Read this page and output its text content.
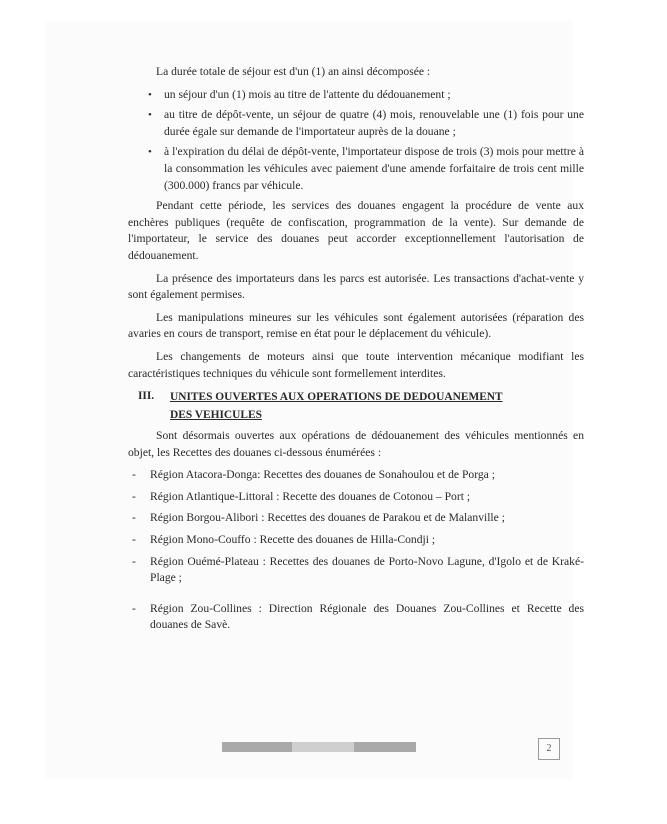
La durée totale de séjour est d'un (1) an ainsi décomposée :
• un séjour d'un (1) mois au titre de l'attente du dédouanement ;
• au titre de dépôt-vente, un séjour de quatre (4) mois, renouvelable une (1) fois pour une durée égale sur demande de l'importateur auprès de la douane ;
• à l'expiration du délai de dépôt-vente, l'importateur dispose de trois (3) mois pour mettre à la consommation les véhicules avec paiement d'une amende forfaitaire de trois cent mille (300.000) francs par véhicule.

Pendant cette période, les services des douanes engagent la procédure de vente aux enchères publiques (requête de confiscation, programmation de la vente). Sur demande de l'importateur, le service des douanes peut accorder exceptionnellement l'autorisation de dédouanement.

La présence des importateurs dans les parcs est autorisée. Les transactions d'achat-vente y sont également permises.

Les manipulations mineures sur les véhicules sont également autorisées (réparation des avaries en cours de transport, remise en état pour le déplacement du véhicule).

Les changements de moteurs ainsi que toute intervention mécanique modifiant les caractéristiques techniques du véhicule sont formellement interdites.

III.	UNITES OUVERTES AUX OPERATIONS DE DEDOUANEMENT
DES VEHICULES

Sont désormais ouvertes aux opérations de dédouanement des véhicules mentionnés en objet, les Recettes des douanes ci-dessous énumérées :

- Région Atacora-Donga: Recettes des douanes de Sonahoulou et de Porga ;
- Région Atlantique-Littoral : Recette des douanes de Cotonou – Port ;
- Région Borgou-Alibori : Recettes des douanes de Parakou et de Malanville ;
- Région Mono-Couffo : Recette des douanes de Hilla-Condji ;
- Région Ouémé-Plateau : Recettes des douanes de Porto-Novo Lagune, d'Igolo et de Kraké-Plage ;
- Région Zou-Collines : Direction Régionale des Douanes Zou-Collines et Recette des douanes de Savè.
2
